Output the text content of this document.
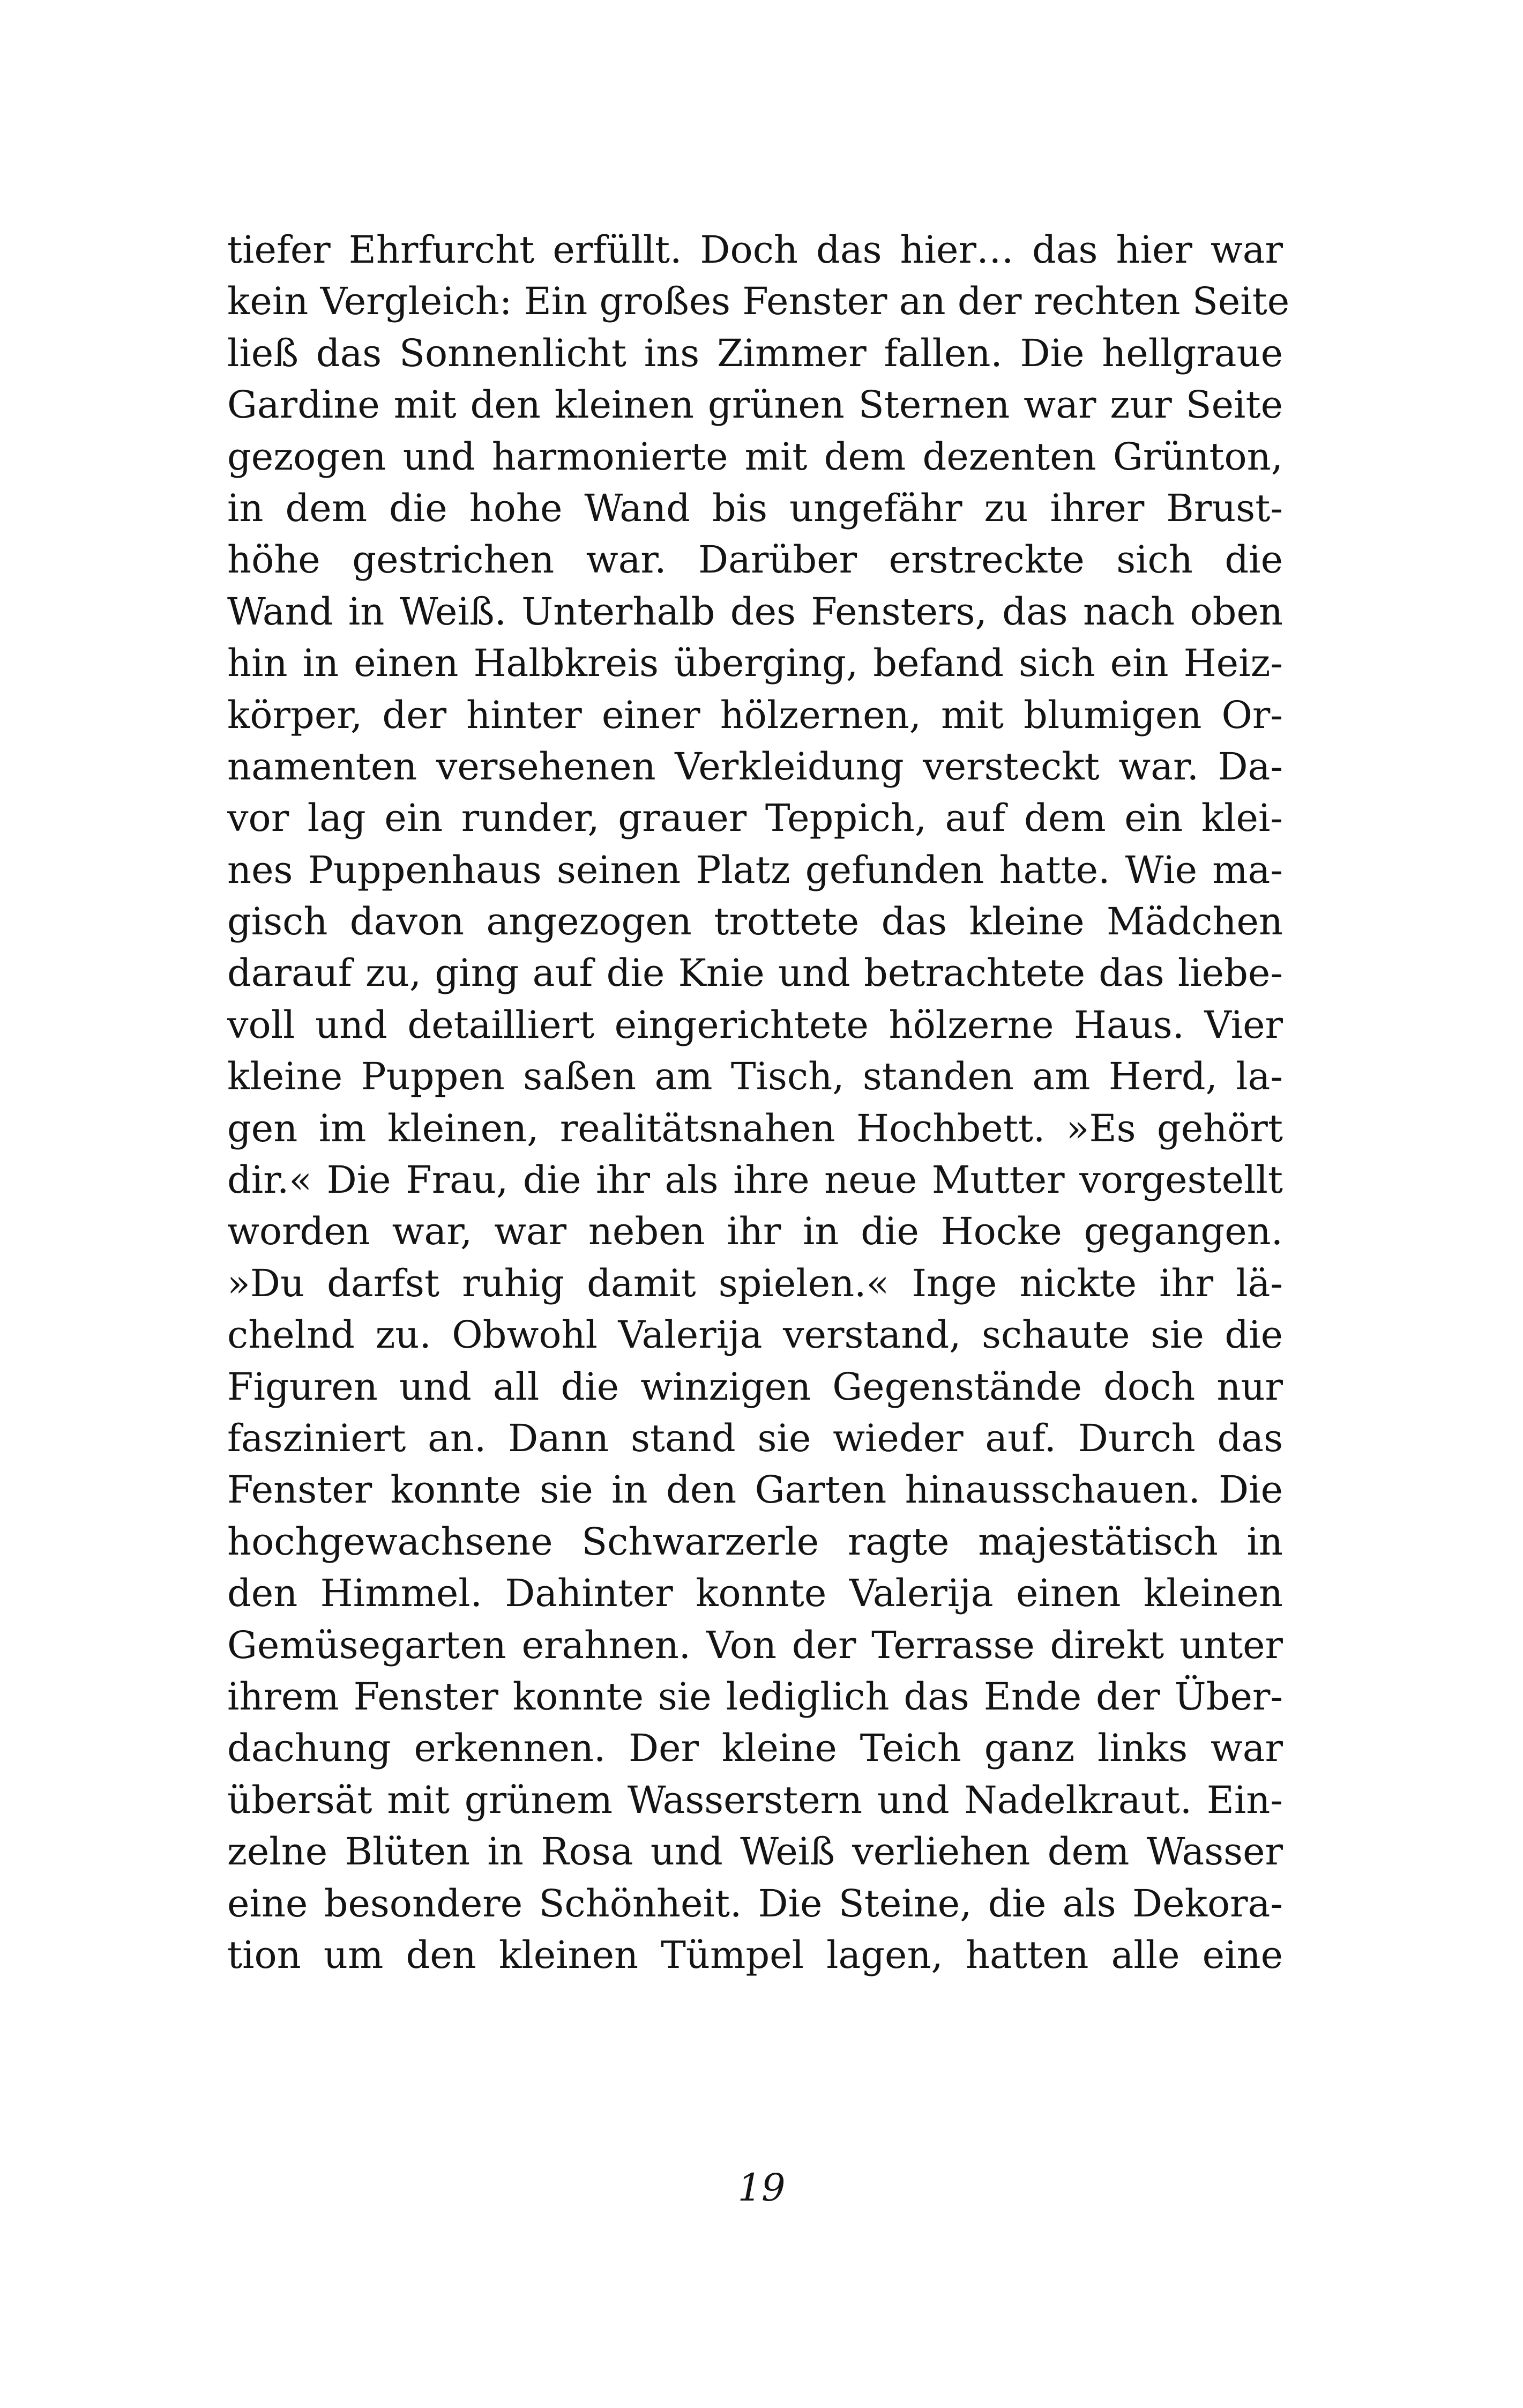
tiefer Ehrfurcht erfüllt. Doch das hier… das hier war
kein Vergleich: Ein großes Fenster an der rechten Seite
ließ das Sonnenlicht ins Zimmer fallen. Die hellgraue
Gardine mit den kleinen grünen Sternen war zur Seite
gezogen und harmonierte mit dem dezenten Grünton,
in dem die hohe Wand bis ungefähr zu ihrer Brust-
höhe gestrichen war. Darüber erstreckte sich die
Wand in Weiß. Unterhalb des Fensters, das nach oben
hin in einen Halbkreis überging, befand sich ein Heiz-
körper, der hinter einer hölzernen, mit blumigen Or-
namenten versehenen Verkleidung versteckt war. Da-
vor lag ein runder, grauer Teppich, auf dem ein klei-
nes Puppenhaus seinen Platz gefunden hatte. Wie ma-
gisch davon angezogen trottete das kleine Mädchen
darauf zu, ging auf die Knie und betrachtete das liebe-
voll und detailliert eingerichtete hölzerne Haus. Vier
kleine Puppen saßen am Tisch, standen am Herd, la-
gen im kleinen, realitätsnahen Hochbett. »Es gehört
dir.« Die Frau, die ihr als ihre neue Mutter vorgestellt
worden war, war neben ihr in die Hocke gegangen.
»Du darfst ruhig damit spielen.« Inge nickte ihr lä-
chelnd zu. Obwohl Valerija verstand, schaute sie die
Figuren und all die winzigen Gegenstände doch nur
fasziniert an. Dann stand sie wieder auf. Durch das
Fenster konnte sie in den Garten hinausschauen. Die
hochgewachsene Schwarzerle ragte majestätisch in
den Himmel. Dahinter konnte Valerija einen kleinen
Gemüsegarten erahnen. Von der Terrasse direkt unter
ihrem Fenster konnte sie lediglich das Ende der Über-
dachung erkennen. Der kleine Teich ganz links war
übersät mit grünem Wasserstern und Nadelkraut. Ein-
zelne Blüten in Rosa und Weiß verliehen dem Wasser
eine besondere Schönheit. Die Steine, die als Dekora-
tion um den kleinen Tümpel lagen, hatten alle eine
19
